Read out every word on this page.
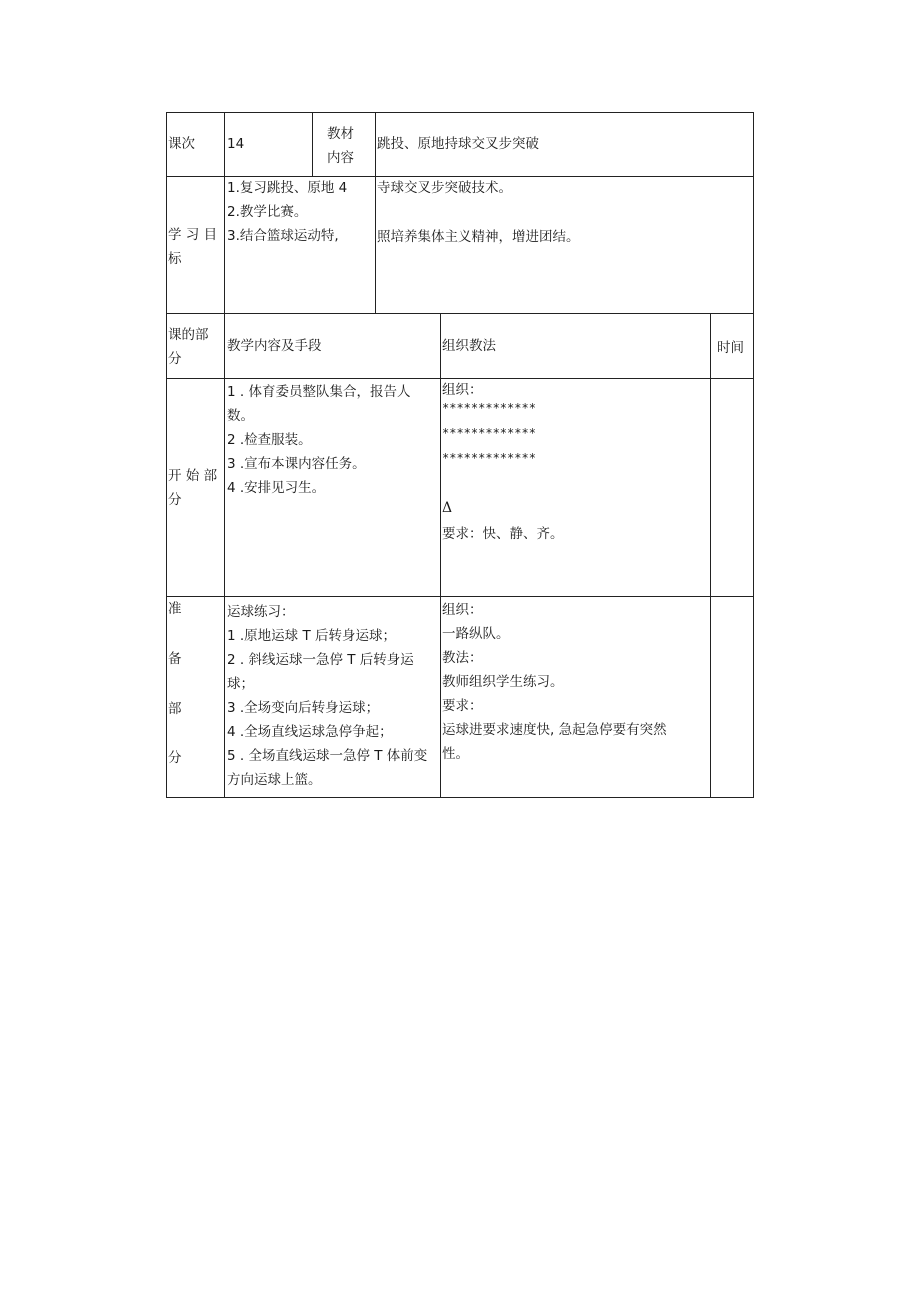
课次 14
教材
内容
跳投、原地持球交叉步突破
学 习 目
标
1.复习跳投、原地 4
2.教学比赛。
3.结合篮球运动特,
寺球交叉步突破技术。
照培养集体主义精神，增进团结。
课的部
分
教学内容及手段	组织教法	时间
开 始 部
分
1 . 体育委员整队集合，报告人
数。
2 .检查服装。
3 .宣布本课内容任务。
4 .安排见习生。
组织：
*************
*************
*************
Δ
要求：快、静、齐。
准
备
部
分
运球练习：
1 .原地运球 T 后转身运球；
2 . 斜线运球一急停 T 后转身运
球；
3 .全场变向后转身运球；
4 .全场直线运球急停争起；
5 . 全场直线运球一急停 T 体前变
方向运球上篮。
组织：
一路纵队。
教法：
教师组织学生练习。
要求：
运球进要求速度快, 急起急停要有突然
性。
